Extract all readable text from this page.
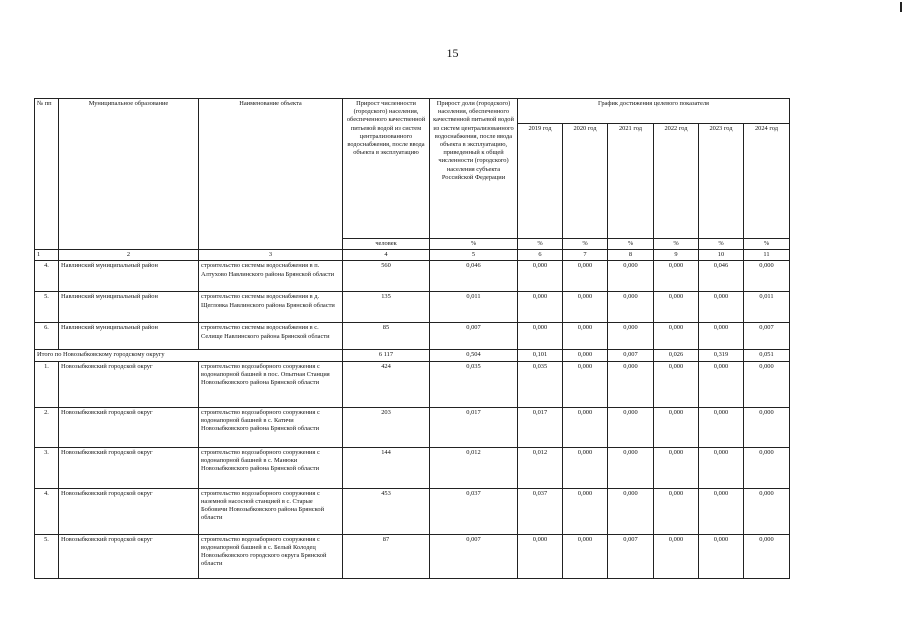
15
№ пп	Муниципальное образование	Наименование объекта	Прирост численности (городского) населения, обеспеченного качественной питьевой водой из систем централизованного водоснабжения, после ввода объекта в эксплуатацию	Прирост доли (городского) населения, обеспеченного качественной питьевой водой из систем централизованного водоснабжения, после ввода объекта в эксплуатацию, приведенный к общей численности (городского) населения субъекта Российской Федерации	График достижения целевого показателя					
					2019 год	2020 год	2021 год	2022 год	2023 год	2024 год
			человек	%	%	%	%	%	%	%
1	2	3	4	5	6	7	8	9	10	11
4.	Навлинский муниципальный район	строительство системы водоснабжения в п. Алтухово Навлинского района Брянской области	560	0,046	0,000	0,000	0,000	0,000	0,046	0,000
5.	Навлинский муниципальный район	строительство системы водоснабжения в д. Щегловка Навлинского района Брянской области	135	0,011	0,000	0,000	0,000	0,000	0,000	0,011
6.	Навлинский муниципальный район	строительство системы водоснабжения в с. Селище Навлинского района Брянской области	85	0,007	0,000	0,000	0,000	0,000	0,000	0,007
Итого по Новозыбковскому городскому округу			6 117	0,504	0,101	0,000	0,007	0,026	0,319	0,051
1.	Новозыбковский городской округ	строительство водозаборного сооружения с водонапорной башней в пос. Опытная Станция Новозыбковского района Брянской области	424	0,035	0,035	0,000	0,000	0,000	0,000	0,000
2.	Новозыбковский городской округ	строительство водозаборного сооружения с водонапорной башней в с. Катичи Новозыбковского района Брянской области	203	0,017	0,017	0,000	0,000	0,000	0,000	0,000
3.	Новозыбковский городской округ	строительство водозаборного сооружения с водонапорной башней в с. Манюки Новозыбковского района Брянской области	144	0,012	0,012	0,000	0,000	0,000	0,000	0,000
4.	Новозыбковский городской округ	строительство водозаборного сооружения с наземной насосной станцией в с. Старые Бобовичи Новозыбковского района Брянской области	453	0,037	0,037	0,000	0,000	0,000	0,000	0,000
5.	Новозыбковский городской округ	строительство водозаборного сооружения с водонапорной башней в с. Белый Колодец Новозыбковского городского округа Брянской области	87	0,007	0,000	0,000	0,007	0,000	0,000	0,000
